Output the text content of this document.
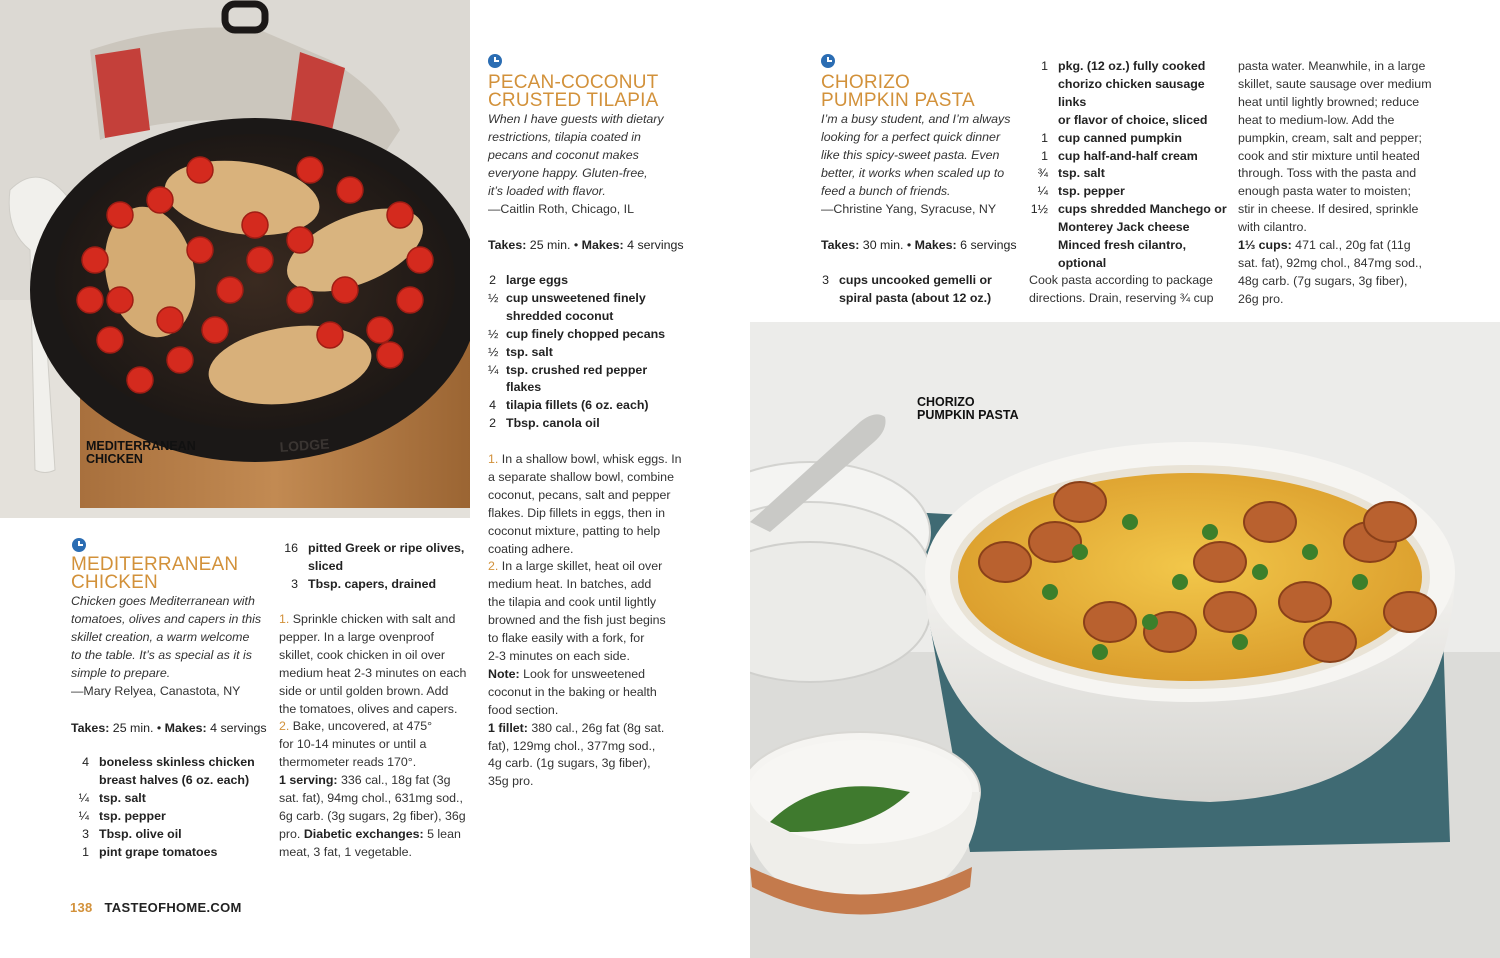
LODGE
MEDITERRANEAN
CHICKEN
CHORIZO
PUMPKIN PASTA
PECAN-COCONUT
CRUSTED TILAPIA
When I have guests with dietary
restrictions, tilapia coated in
pecans and coconut makes
everyone happy. Gluten-free,
it’s loaded with flavor.
—Caitlin Roth, Chicago, IL
Takes: 25 min. • Makes: 4 servings
2 large eggs
½ cup unsweetened finely
shredded coconut
½ cup finely chopped pecans
½ tsp. salt
¼ tsp. crushed red pepper
flakes
4 tilapia fillets (6 oz. each)
2 Tbsp. canola oil
1. In a shallow bowl, whisk eggs. In
a separate shallow bowl, combine
coconut, pecans, salt and pepper
flakes. Dip fillets in eggs, then in
coconut mixture, patting to help
coating adhere.
2. In a large skillet, heat oil over
medium heat. In batches, add
the tilapia and cook until lightly
browned and the fish just begins
to flake easily with a fork, for
2-3 minutes on each side.
Note: Look for unsweetened
coconut in the baking or health
food section.
1 fillet: 380 cal., 26g fat (8g sat.
fat), 129mg chol., 377mg sod.,
4g carb. (1g sugars, 3g fiber),
35g pro.
MEDITERRANEAN
CHICKEN
Chicken goes Mediterranean with
tomatoes, olives and capers in this
skillet creation, a warm welcome
to the table. It’s as special as it is
simple to prepare.
—Mary Relyea, Canastota, NY
Takes: 25 min. • Makes: 4 servings
4 boneless skinless chicken
breast halves (6 oz. each)
¼ tsp. salt
¼ tsp. pepper
3 Tbsp. olive oil
1 pint grape tomatoes
16 pitted Greek or ripe olives,
sliced
3 Tbsp. capers, drained
1. Sprinkle chicken with salt and
pepper. In a large ovenproof
skillet, cook chicken in oil over
medium heat 2-3 minutes on each
side or until golden brown. Add
the tomatoes, olives and capers.
2. Bake, uncovered, at 475°
for 10-14 minutes or until a
thermometer reads 170°.
1 serving: 336 cal., 18g fat (3g
sat. fat), 94mg chol., 631mg sod.,
6g carb. (3g sugars, 2g fiber), 36g
pro. Diabetic exchanges: 5 lean
meat, 3 fat, 1 vegetable.
CHORIZO
PUMPKIN PASTA
I’m a busy student, and I’m always
looking for a perfect quick dinner
like this spicy-sweet pasta. Even
better, it works when scaled up to
feed a bunch of friends.
—Christine Yang, Syracuse, NY
Takes: 30 min. • Makes: 6 servings
3 cups uncooked gemelli or
spiral pasta (about 12 oz.)
1 pkg. (12 oz.) fully cooked
chorizo chicken sausage links
or flavor of choice, sliced
1 cup canned pumpkin
1 cup half-and-half cream
¾ tsp. salt
¼ tsp. pepper
1½ cups shredded Manchego or
Monterey Jack cheese
Minced fresh cilantro,
optional
Cook pasta according to package
directions. Drain, reserving ¾ cup
pasta water. Meanwhile, in a large
skillet, saute sausage over medium
heat until lightly browned; reduce
heat to medium-low. Add the
pumpkin, cream, salt and pepper;
cook and stir mixture until heated
through. Toss with the pasta and
enough pasta water to moisten;
stir in cheese. If desired, sprinkle
with cilantro.
1⅓ cups: 471 cal., 20g fat (11g
sat. fat), 92mg chol., 847mg sod.,
48g carb. (7g sugars, 3g fiber),
26g pro.
138 TASTEOFHOME.COM
